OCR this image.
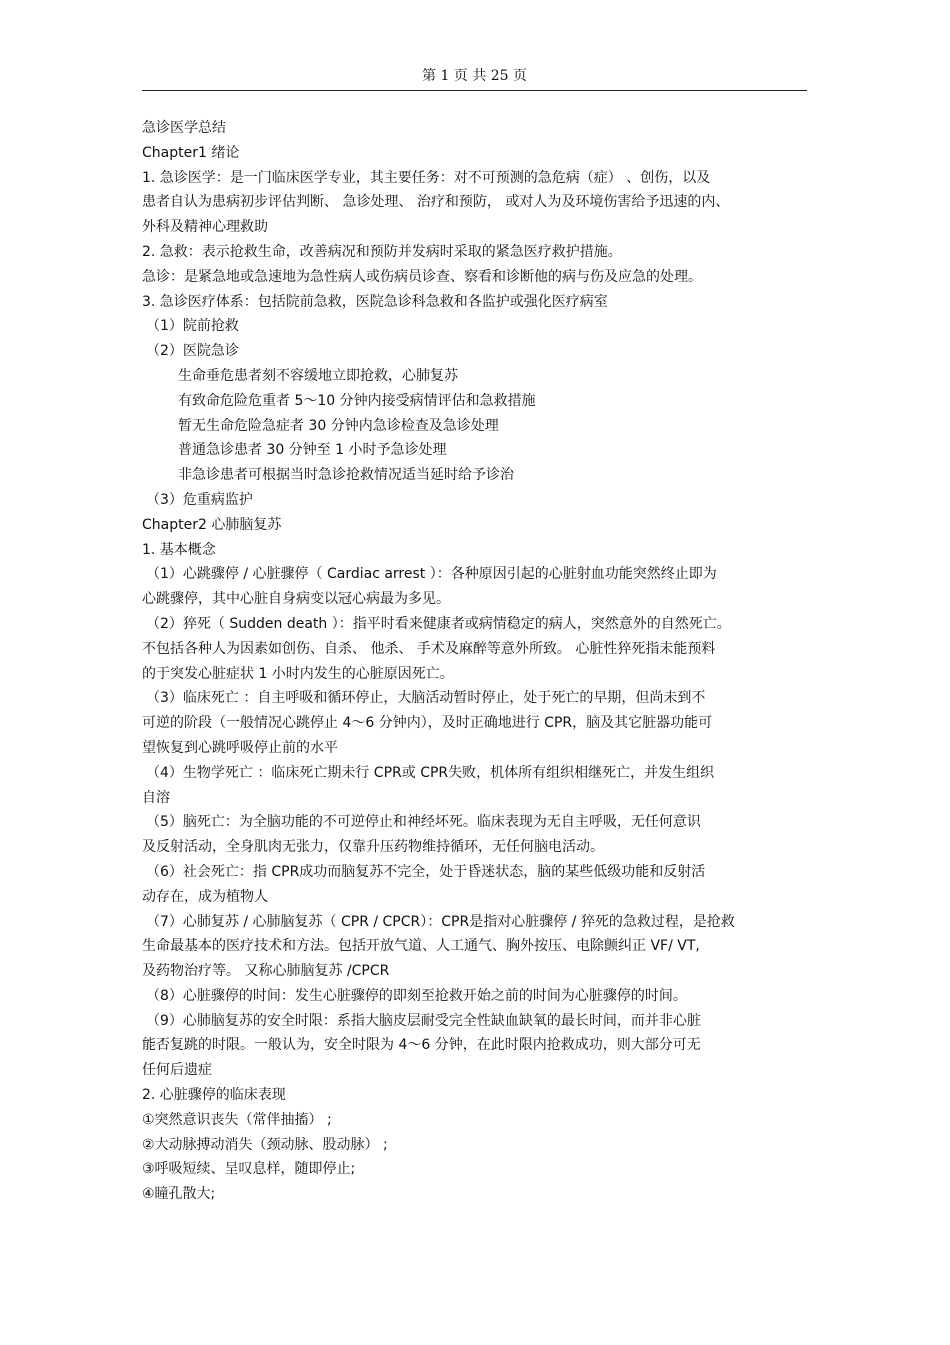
第 1 页 共 25 页
急诊医学总结
Chapter1 绪论
1. 急诊医学：是一门临床医学专业，其主要任务：对不可预测的急危病（症） 、创伤，以及
患者自认为患病初步评估判断、 急诊处理、 治疗和预防， 或对人为及环境伤害给予迅速的内、
外科及精神心理救助
2. 急救：表示抢救生命，改善病况和预防并发病时采取的紧急医疗救护措施。
急诊：是紧急地或急速地为急性病人或伤病员诊查、察看和诊断他的病与伤及应急的处理。
3. 急诊医疗体系：包括院前急救，医院急诊科急救和各监护或强化医疗病室
（1）院前抢救
（2）医院急诊
生命垂危患者刻不容缓地立即抢救，心肺复苏
有致命危险危重者 5～10 分钟内接受病情评估和急救措施
暂无生命危险急症者 30 分钟内急诊检查及急诊处理
普通急诊患者 30 分钟至 1 小时予急诊处理
非急诊患者可根据当时急诊抢救情况适当延时给予诊治
（3）危重病监护
Chapter2 心肺脑复苏
1. 基本概念
（1）心跳骤停 / 心脏骤停（ Cardiac arrest ）：各种原因引起的心脏射血功能突然终止即为
心跳骤停，其中心脏自身病变以冠心病最为多见。
（2）猝死（ Sudden death ）：指平时看来健康者或病情稳定的病人，突然意外的自然死亡。
不包括各种人为因素如创伤、自杀、 他杀、 手术及麻醉等意外所致。 心脏性猝死指未能预料
的于突发心脏症状 1 小时内发生的心脏原因死亡。
（3）临床死亡 ：自主呼吸和循环停止，大脑活动暂时停止，处于死亡的早期，但尚未到不
可逆的阶段（一般情况心跳停止 4～6 分钟内），及时正确地进行 CPR，脑及其它脏器功能可
望恢复到心跳呼吸停止前的水平
（4）生物学死亡 ：临床死亡期未行 CPR或 CPR失败，机体所有组织相继死亡，并发生组织
自溶
（5）脑死亡：为全脑功能的不可逆停止和神经坏死。临床表现为无自主呼吸，无任何意识
及反射活动，全身肌肉无张力，仅靠升压药物维持循环，无任何脑电活动。
（6）社会死亡：指 CPR成功而脑复苏不完全，处于昏迷状态，脑的某些低级功能和反射活
动存在，成为植物人
（7）心肺复苏 / 心肺脑复苏（ CPR / CPCR）：CPR是指对心脏骤停 / 猝死的急救过程，是抢救
生命最基本的医疗技术和方法。包括开放气道、人工通气、胸外按压、电除颤纠正 VF/ VT,
及药物治疗等。 又称心肺脑复苏 /CPCR
（8）心脏骤停的时间：发生心脏骤停的即刻至抢救开始之前的时间为心脏骤停的时间。
（9）心肺脑复苏的安全时限：系指大脑皮层耐受完全性缺血缺氧的最长时间，而并非心脏
能否复跳的时限。一般认为，安全时限为 4～6 分钟，在此时限内抢救成功，则大部分可无
任何后遗症
2. 心脏骤停的临床表现
①突然意识丧失（常伴抽搐） ;
②大动脉搏动消失（颈动脉、股动脉） ;
③呼吸短续、呈叹息样，随即停止;
④瞳孔散大;
